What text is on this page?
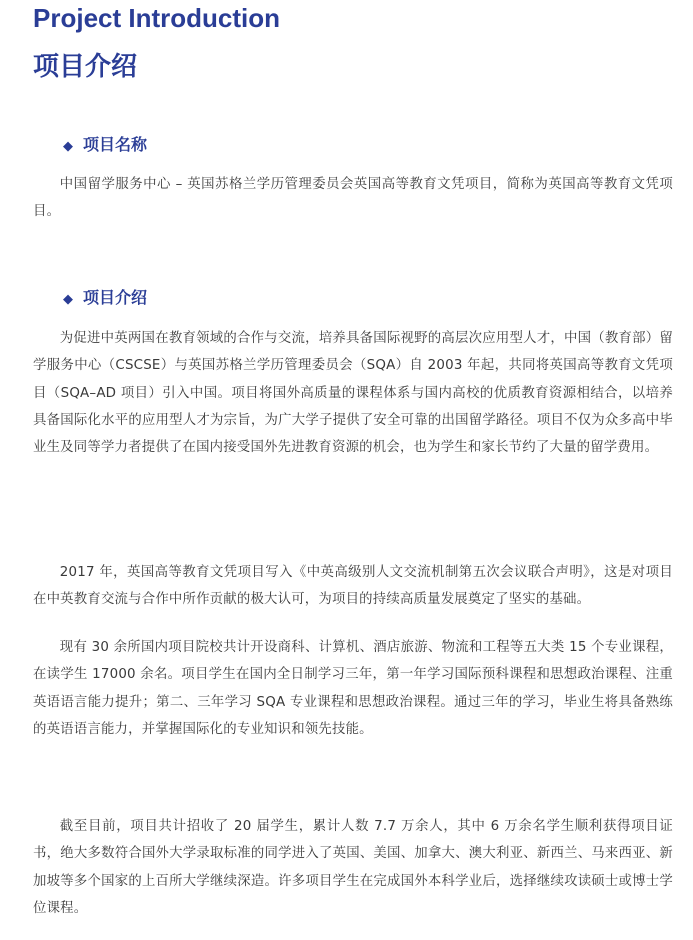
Project Introduction
项目介绍
◆ 项目名称

中国留学服务中心 – 英国苏格兰学历管理委员会英国高等教育文凭项目，简称为英国高等教育文凭项目。

◆ 项目介绍

为促进中英两国在教育领域的合作与交流，培养具备国际视野的高层次应用型人才，中国（教育部）留学服务中心（CSCSE）与英国苏格兰学历管理委员会（SQA）自 2003 年起，共同将英国高等教育文凭项目（SQA–AD 项目）引入中国。项目将国外高质量的课程体系与国内高校的优质教育资源相结合，以培养具备国际化水平的应用型人才为宗旨，为广大学子提供了安全可靠的出国留学路径。项目不仅为众多高中毕业生及同等学力者提供了在国内接受国外先进教育资源的机会，也为学生和家长节约了大量的留学费用。

2017 年，英国高等教育文凭项目写入《中英高级别人文交流机制第五次会议联合声明》，这是对项目在中英教育交流与合作中所作贡献的极大认可，为项目的持续高质量发展奠定了坚实的基础。

现有 30 余所国内项目院校共计开设商科、计算机、酒店旅游、物流和工程等五大类 15 个专业课程，在读学生 17000 余名。项目学生在国内全日制学习三年，第一年学习国际预科课程和思想政治课程、注重英语语言能力提升；第二、三年学习 SQA 专业课程和思想政治课程。通过三年的学习，毕业生将具备熟练的英语语言能力，并掌握国际化的专业知识和领先技能。

截至目前，项目共计招收了 20 届学生，累计人数 7.7 万余人，其中 6 万余名学生顺利获得项目证书，绝大多数符合国外大学录取标准的同学进入了英国、美国、加拿大、澳大利亚、新西兰、马来西亚、新加坡等多个国家的上百所大学继续深造。许多项目学生在完成国外本科学业后，选择继续攻读硕士或博士学位课程。
